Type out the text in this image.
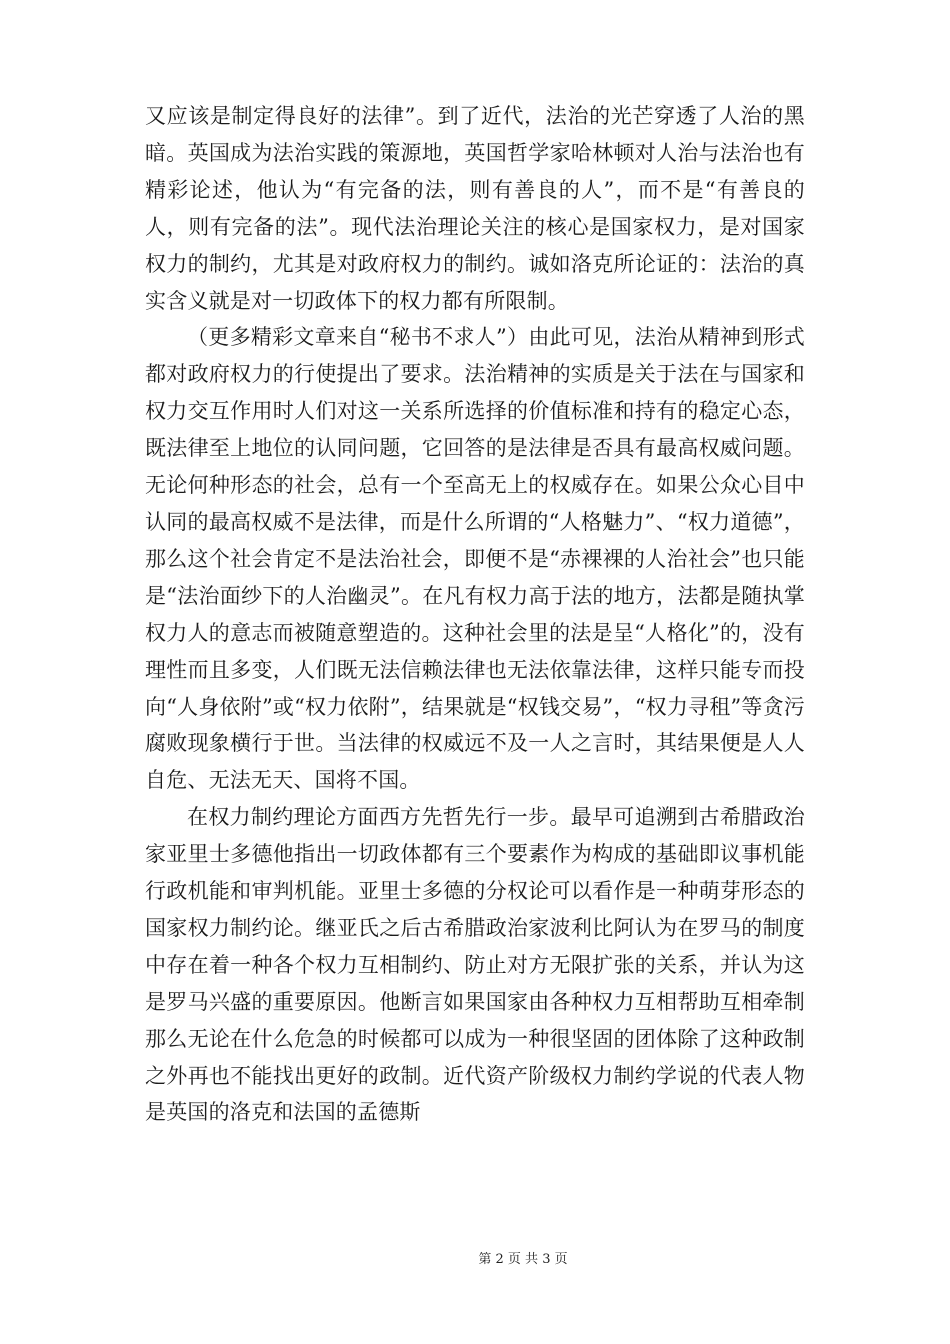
又应该是制定得良好的法律”。到了近代，法治的光芒穿透了人治的黑暗。英国成为法治实践的策源地，英国哲学家哈林顿对人治与法治也有精彩论述，他认为“有完备的法，则有善良的人”，而不是“有善良的人，则有完备的法”。现代法治理论关注的核心是国家权力，是对国家权力的制约，尤其是对政府权力的制约。诚如洛克所论证的：法治的真实含义就是对一切政体下的权力都有所限制。

（更多精彩文章来自“秘书不求人”）由此可见，法治从精神到形式都对政府权力的行使提出了要求。法治精神的实质是关于法在与国家和权力交互作用时人们对这一关系所选择的价值标准和持有的稳定心态，既法律至上地位的认同问题，它回答的是法律是否具有最高权威问题。无论何种形态的社会，总有一个至高无上的权威存在。如果公众心目中认同的最高权威不是法律，而是什么所谓的“人格魅力”、“权力道德”，那么这个社会肯定不是法治社会，即便不是“赤裸裸的人治社会”也只能是“法治面纱下的人治幽灵”。在凡有权力高于法的地方，法都是随执掌权力人的意志而被随意塑造的。这种社会里的法是呈“人格化”的，没有理性而且多变，人们既无法信赖法律也无法依靠法律，这样只能专而投向“人身依附”或“权力依附”，结果就是“权钱交易”，“权力寻租”等贪污腐败现象横行于世。当法律的权威远不及一人之言时，其结果便是人人自危、无法无天、国将不国。

在权力制约理论方面西方先哲先行一步。最早可追溯到古希腊政治家亚里士多德他指出一切政体都有三个要素作为构成的基础即议事机能行政机能和审判机能。亚里士多德的分权论可以看作是一种萌芽形态的国家权力制约论。继亚氏之后古希腊政治家波利比阿认为在罗马的制度中存在着一种各个权力互相制约、防止对方无限扩张的关系，并认为这是罗马兴盛的重要原因。他断言如果国家由各种权力互相帮助互相牵制那么无论在什么危急的时候都可以成为一种很坚固的团体除了这种政制之外再也不能找出更好的政制。近代资产阶级权力制约学说的代表人物是英国的洛克和法国的孟德斯

第 2 页 共 3 页
